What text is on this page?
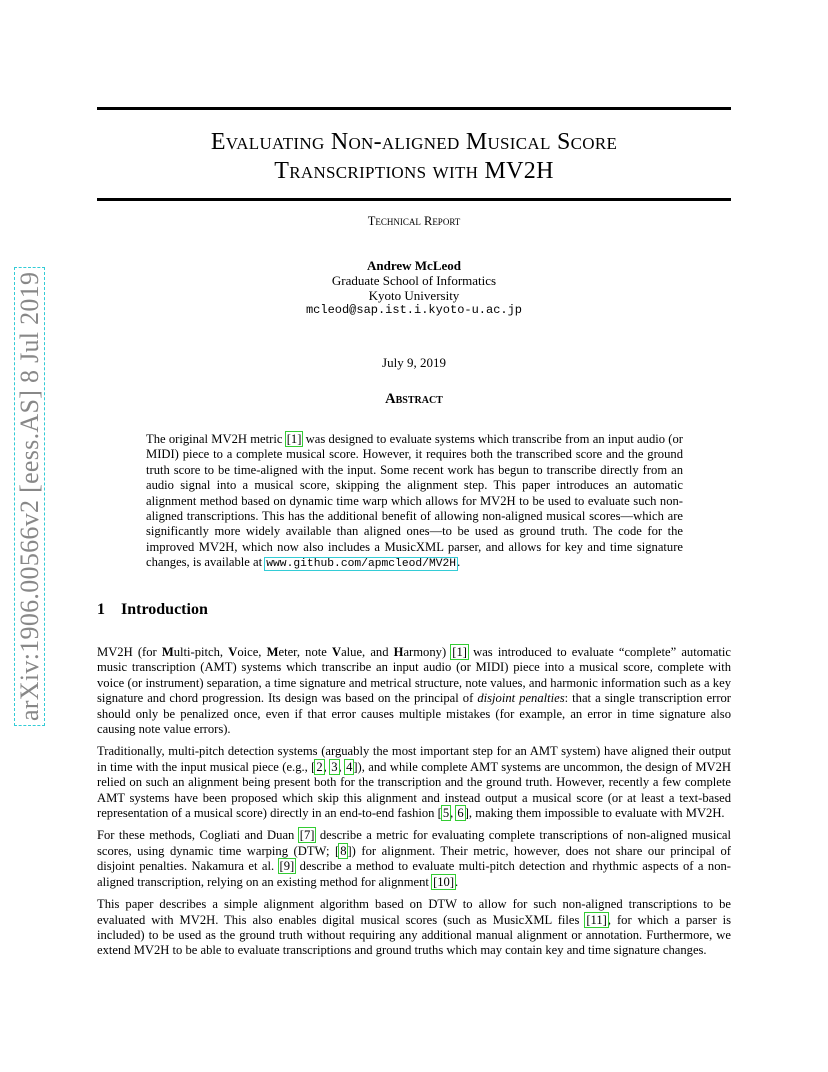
arXiv:1906.00566v2 [eess.AS] 8 Jul 2019
Evaluating Non-aligned Musical Score
Transcriptions with MV2H
Technical Report
Andrew McLeod
Graduate School of Informatics
Kyoto University
mcleod@sap.ist.i.kyoto-u.ac.jp
July 9, 2019
Abstract
The original MV2H metric [1] was designed to evaluate systems which transcribe from an input audio (or MIDI) piece to a complete musical score. However, it requires both the transcribed score and the ground truth score to be time-aligned with the input. Some recent work has begun to transcribe directly from an audio signal into a musical score, skipping the alignment step. This paper introduces an automatic alignment method based on dynamic time warp which allows for MV2H to be used to evaluate such non-aligned transcriptions. This has the additional benefit of allowing non-aligned musical scores—which are significantly more widely available than aligned ones—to be used as ground truth. The code for the improved MV2H, which now also includes a MusicXML parser, and allows for key and time signature changes, is available at www.github.com/apmcleod/MV2H.
1 Introduction

MV2H (for Multi-pitch, Voice, Meter, note Value, and Harmony) [1] was introduced to evaluate “complete” automatic music transcription (AMT) systems which transcribe an input audio (or MIDI) piece into a musical score, complete with voice (or instrument) separation, a time signature and metrical structure, note values, and harmonic information such as a key signature and chord progression. Its design was based on the principal of disjoint penalties: that a single transcription error should only be penalized once, even if that error causes multiple mistakes (for example, an error in time signature also causing note value errors).

Traditionally, multi-pitch detection systems (arguably the most important step for an AMT system) have aligned their output in time with the input musical piece (e.g., [2, 3, 4]), and while complete AMT systems are uncommon, the design of MV2H relied on such an alignment being present both for the transcription and the ground truth. However, recently a few complete AMT systems have been proposed which skip this alignment and instead output a musical score (or at least a text-based representation of a musical score) directly in an end-to-end fashion [5, 6], making them impossible to evaluate with MV2H.

For these methods, Cogliati and Duan [7] describe a metric for evaluating complete transcriptions of non-aligned musical scores, using dynamic time warping (DTW; [8]) for alignment. Their metric, however, does not share our principal of disjoint penalties. Nakamura et al. [9] describe a method to evaluate multi-pitch detection and rhythmic aspects of a non-aligned transcription, relying on an existing method for alignment [10].

This paper describes a simple alignment algorithm based on DTW to allow for such non-aligned transcriptions to be evaluated with MV2H. This also enables digital musical scores (such as MusicXML files [11], for which a parser is included) to be used as the ground truth without requiring any additional manual alignment or annotation. Furthermore, we extend MV2H to be able to evaluate transcriptions and ground truths which may contain key and time signature changes.
